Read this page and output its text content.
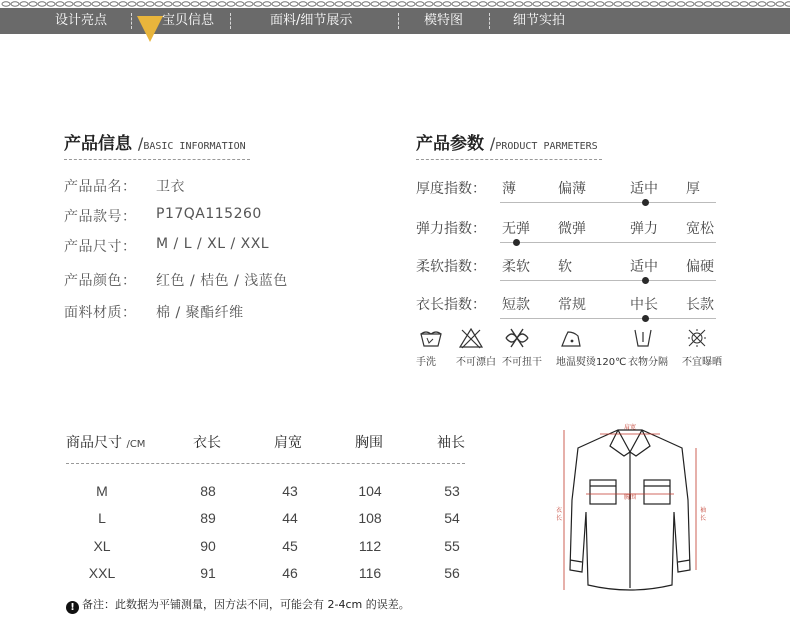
设计亮点	宝贝信息	面料/细节展示	模特图	细节实拍
产品信息 /BASIC INFORMATION
产品品名： 卫衣
产品款号： P17QA115260
产品尺寸： M / L / XL / XXL
产品颜色： 红色 / 桔色 / 浅蓝色
面料材质： 棉 / 聚酯纤维
产品参数 /PRODUCT PARMETERS
厚度指数： 薄	偏薄	适中 厚
弹力指数： 无弹 微弹	弹力 宽松
柔软指数： 柔软 软	适中 偏硬
衣长指数： 短款 常规	中长 长款
手洗 不可漂白 不可扭干 地温熨烫120℃ 衣物分隔 不宜曝晒
商品尺寸 /CM	衣长	肩宽	胸围	袖长
M	88	43	104	53
L	89	44	108	54
XL	90	45	112	55
XXL	91	46	116	56
! 备注：此数据为平铺测量，因方法不同，可能会有 2-4cm 的误差。
肩宽
胸围
衣长
袖长
